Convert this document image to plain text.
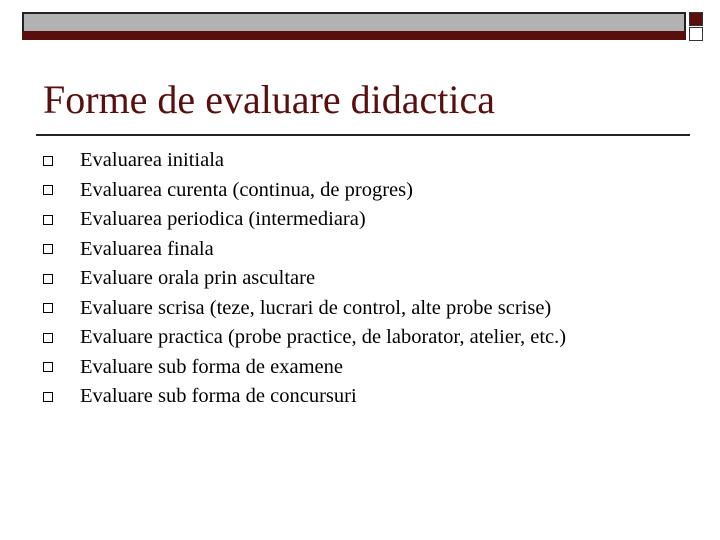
Forme de evaluare didactica
Evaluarea initiala
Evaluarea curenta (continua, de progres)
Evaluarea periodica (intermediara)
Evaluarea finala
Evaluare orala prin ascultare
Evaluare scrisa (teze, lucrari de control, alte probe scrise)
Evaluare practica (probe practice, de laborator, atelier, etc.)
Evaluare sub forma de examene
Evaluare sub forma de concursuri
